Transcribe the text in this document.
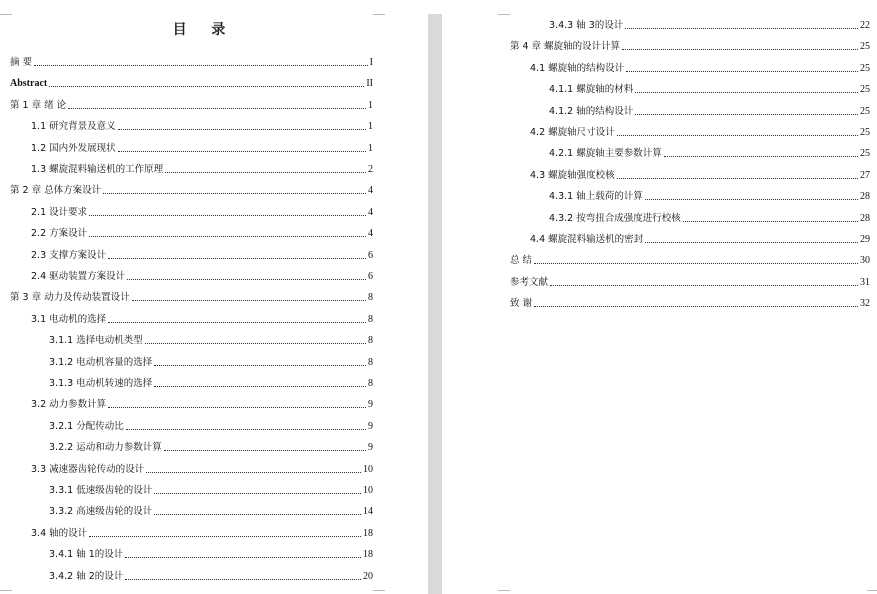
目 录
摘 要	I
Abstract	II
第 1 章 绪 论	1
1.1 研究背景及意义	1
1.2 国内外发展现状	1
1.3 螺旋混料输送机的工作原理	2
第 2 章 总体方案设计	4
2.1 设计要求	4
2.2 方案设计	4
2.3 支撑方案设计	6
2.4 驱动装置方案设计	6
第 3 章 动力及传动装置设计	8
3.1 电动机的选择	8
3.1.1 选择电动机类型	8
3.1.2 电动机容量的选择	8
3.1.3 电动机转速的选择	8
3.2 动力参数计算	9
3.2.1 分配传动比	9
3.2.2 运动和动力参数计算	9
3.3 减速器齿轮传动的设计	10
3.3.1 低速级齿轮的设计	10
3.3.2 高速级齿轮的设计	14
3.4 轴的设计	18
3.4.1 轴 1的设计	18
3.4.2 轴 2的设计	20
3.4.3 轴 3的设计	22
第 4 章 螺旋轴的设计计算	25
4.1 螺旋轴的结构设计	25
4.1.1 螺旋轴的材料	25
4.1.2 轴的结构设计	25
4.2 螺旋轴尺寸设计	25
4.2.1 螺旋轴主要参数计算	25
4.3 螺旋轴强度校核	27
4.3.1 轴上载荷的计算	28
4.3.2 按弯扭合成强度进行校核	28
4.4 螺旋混料输送机的密封	29
总 结	30
参考文献	31
致 谢	32
